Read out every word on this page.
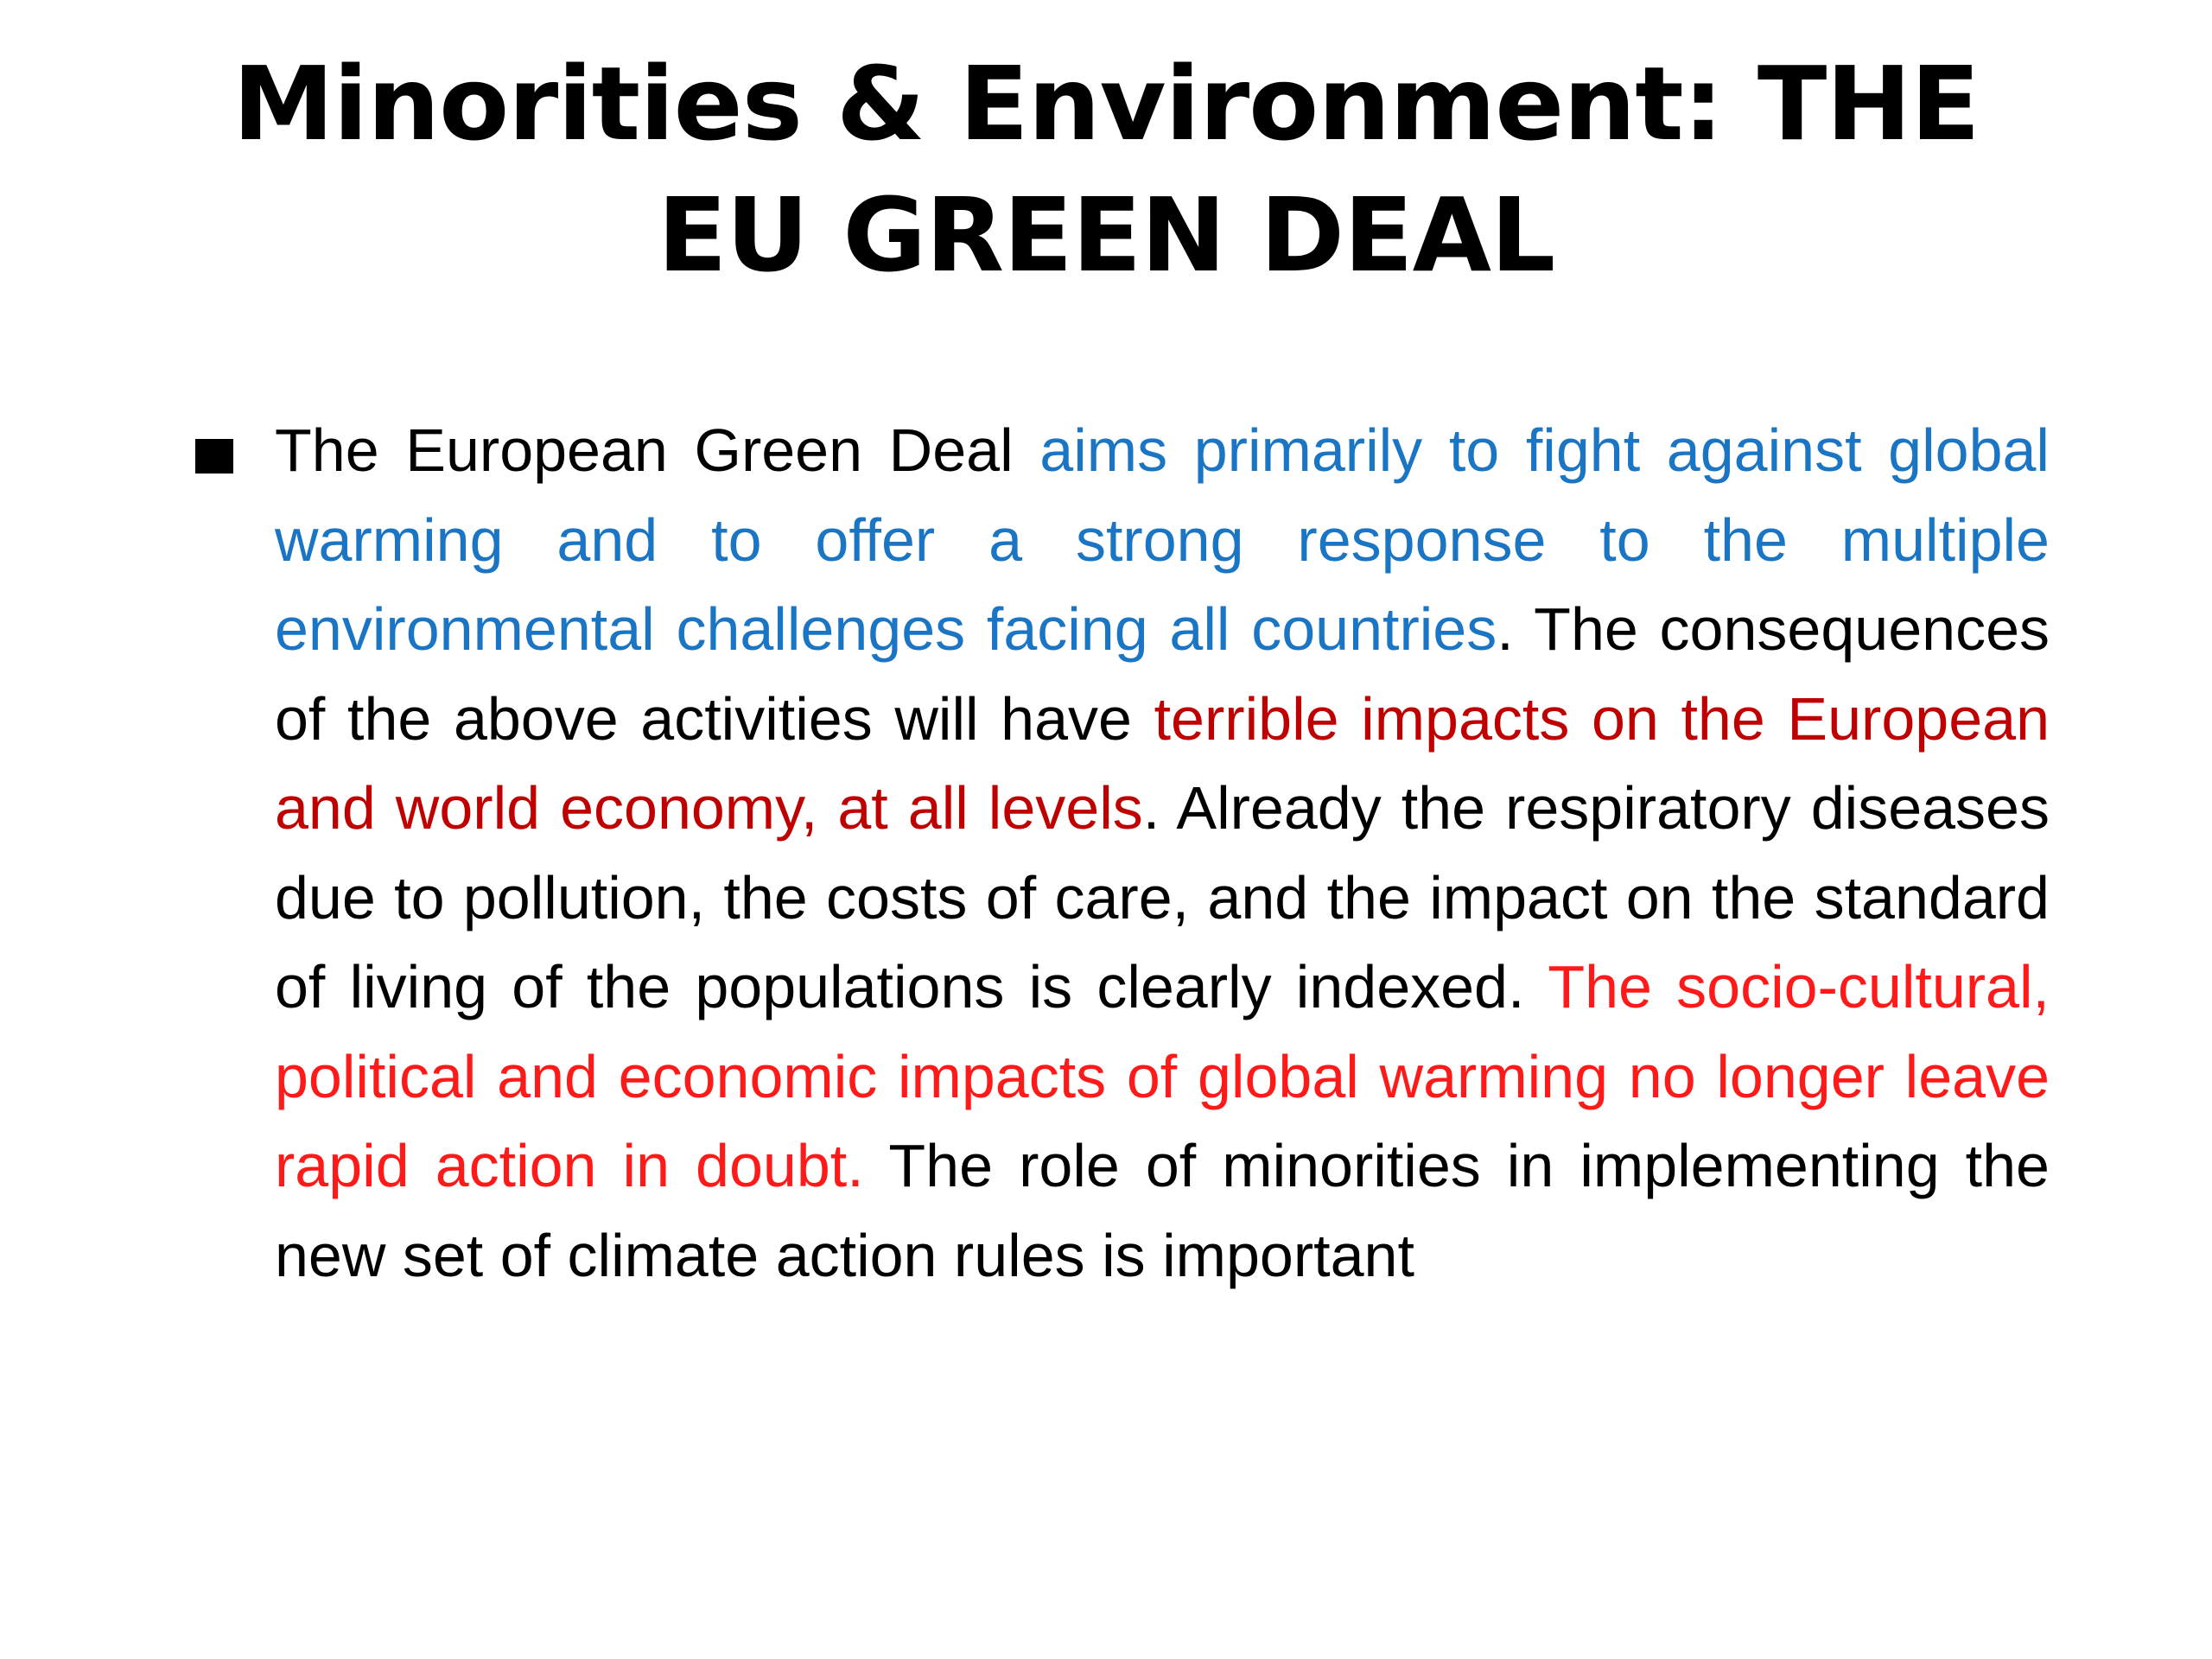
Minorities & Environment: THE EU GREEN DEAL

The European Green Deal aims primarily to fight against global warming and to offer a strong response to the multiple environmental challenges facing all countries. The consequences of the above activities will have terrible impacts on the European and world economy, at all levels. Already the respiratory diseases due to pollution, the costs of care, and the impact on the standard of living of the populations is clearly indexed. The socio-cultural, political and economic impacts of global warming no longer leave rapid action in doubt. The role of minorities in implementing the new set of climate action rules is important
